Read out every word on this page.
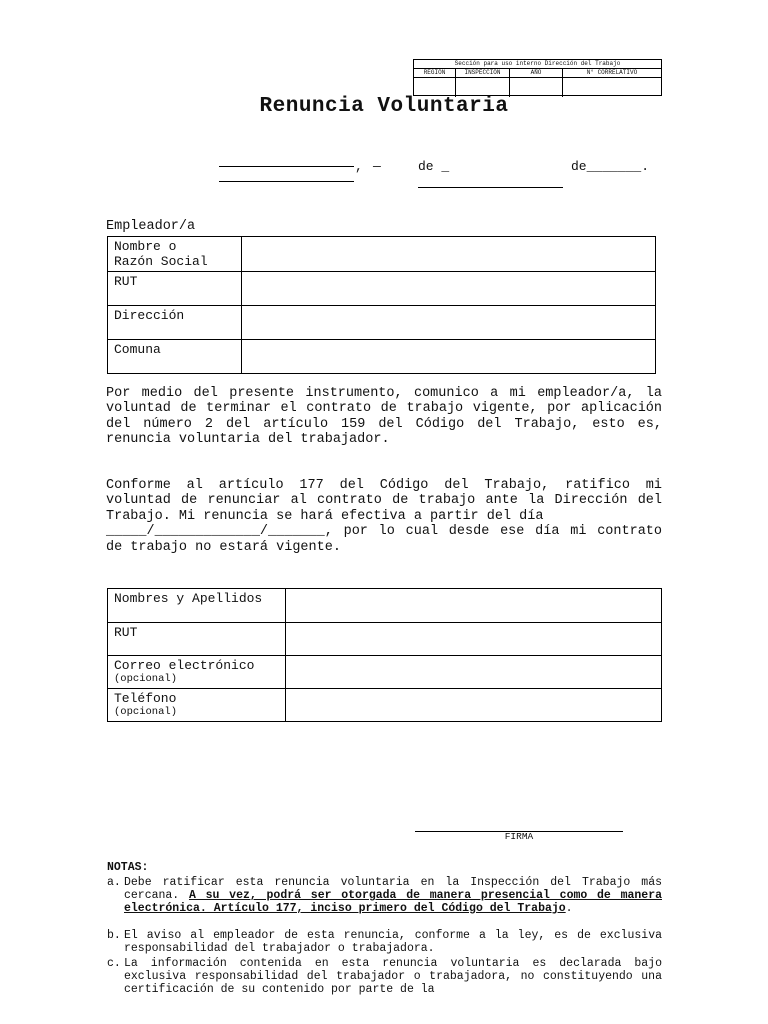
Sección para uso interno Dirección del Trabajo
REGIÓN	INSPECCIÓN	AÑO	N° CORRELATIVO
Renuncia Voluntaria
, —	de _	de_______.
Empleador/a
Nombre o
Razón Social	
RUT	
Dirección	
Comuna	
Por medio del presente instrumento, comunico a mi empleador/a, la voluntad de terminar el contrato de trabajo vigente, por aplicación del número 2 del artículo 159 del Código del Trabajo, esto es, renuncia voluntaria del trabajador.
Conforme al artículo 177 del Código del Trabajo, ratifico mi voluntad de renunciar al contrato de trabajo ante la Dirección del Trabajo. Mi renuncia se hará efectiva a partir del día
_____/_____________/_______, por lo cual desde ese día mi contrato de trabajo no estará vigente.
Nombres y Apellidos	
RUT	
Correo electrónico
(opcional)	

Teléfono
(opcional)	

FIRMA
NOTAS:
a. Debe ratificar esta renuncia voluntaria en la Inspección del Trabajo más cercana. A su vez, podrá ser otorgada de manera presencial como de manera electrónica. Artículo 177, inciso primero del Código del Trabajo.
b. El aviso al empleador de esta renuncia, conforme a la ley, es de exclusiva responsabilidad del trabajador o trabajadora.
c. La información contenida en esta renuncia voluntaria es declarada bajo exclusiva responsabilidad del trabajador o trabajadora, no constituyendo una certificación de su contenido por parte de la
